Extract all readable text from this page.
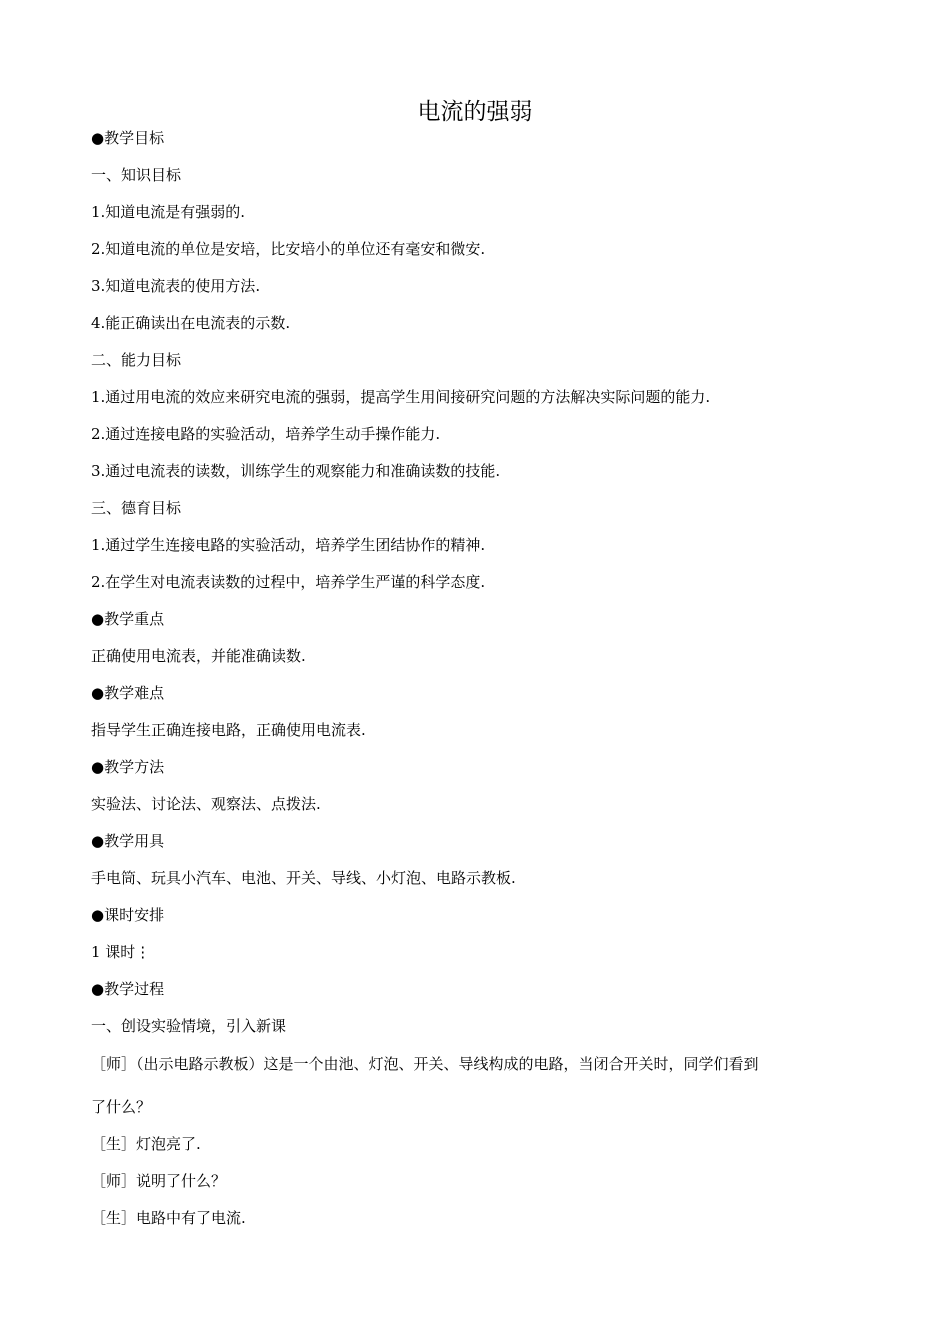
电流的强弱
●教学目标
一、知识目标
1.知道电流是有强弱的.
2.知道电流的单位是安培，比安培小的单位还有毫安和微安.
3.知道电流表的使用方法.
4.能正确读出在电流表的示数.
二、能力目标
1.通过用电流的效应来研究电流的强弱，提高学生用间接研究问题的方法解决实际问题的能力.
2.通过连接电路的实验活动，培养学生动手操作能力.
3.通过电流表的读数，训练学生的观察能力和准确读数的技能.
三、德育目标
1.通过学生连接电路的实验活动，培养学生团结协作的精神.
2.在学生对电流表读数的过程中，培养学生严谨的科学态度.
●教学重点
正确使用电流表，并能准确读数.
●教学难点
指导学生正确连接电路，正确使用电流表.
●教学方法
实验法、讨论法、观察法、点拨法.
●教学用具
手电筒、玩具小汽车、电池、开关、导线、小灯泡、电路示教板.
●课时安排
1 课时⋮
●教学过程
一、创设实验情境，引入新课
［师］（出示电路示教板）这是一个由池、灯泡、开关、导线构成的电路，当闭合开关时，同学们看到
了什么？
［生］灯泡亮了.
［师］说明了什么？
［生］电路中有了电流.
